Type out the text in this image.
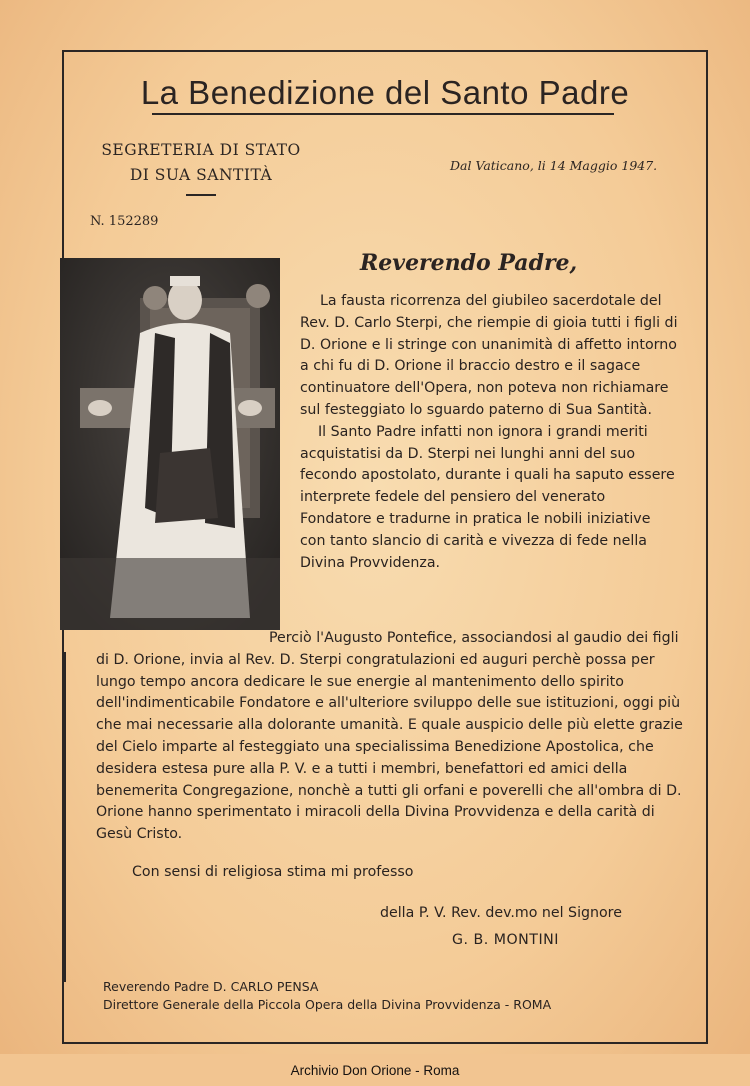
La Benedizione del Santo Padre
SEGRETERIA DI STATO
DI SUA SANTITÀ
Dal Vaticano, li 14 Maggio 1947.
N. 152289
Reverendo Padre,

La fausta ricorrenza del giubileo sacerdotale del Rev. D. Carlo Sterpi, che riempie di gioia tutti i figli di D. Orione e li stringe con unanimità di affetto intorno a chi fu di D. Orione il braccio destro e il sagace continuatore dell'Opera, non poteva non richiamare sul festeggiato lo sguardo paterno di Sua Santità.

Il Santo Padre infatti non ignora i grandi meriti acquistatisi da D. Sterpi nei lunghi anni del suo fecondo apostolato, durante i quali ha saputo essere interprete fedele del pensiero del venerato Fondatore e tradurne in pratica le nobili iniziative con tanto slancio di carità e vivezza di fede nella Divina Provvidenza.

Perciò l'Augusto Pontefice, associandosi al gaudio dei figli di D. Orione, invia al Rev. D. Sterpi congratulazioni ed auguri perchè possa per lungo tempo ancora dedicare le sue energie al mantenimento dello spirito dell'indimenticabile Fondatore e all'ulteriore sviluppo delle sue istituzioni, oggi più che mai necessarie alla dolorante umanità. E quale auspicio delle più elette grazie del Cielo imparte al festeggiato una specialissima Benedizione Apostolica, che desidera estesa pure alla P. V. e a tutti i membri, benefattori ed amici della benemerita Congregazione, nonchè a tutti gli orfani e poverelli che all'ombra di D. Orione hanno sperimentato i miracoli della Divina Provvidenza e della carità di Gesù Cristo.

Con sensi di religiosa stima mi professo
della P. V. Rev. dev.mo nel Signore
G. B. MONTINI
Reverendo Padre D. CARLO PENSA
Direttore Generale della Piccola Opera della Divina Provvidenza - ROMA
Archivio Don Orione - Roma
